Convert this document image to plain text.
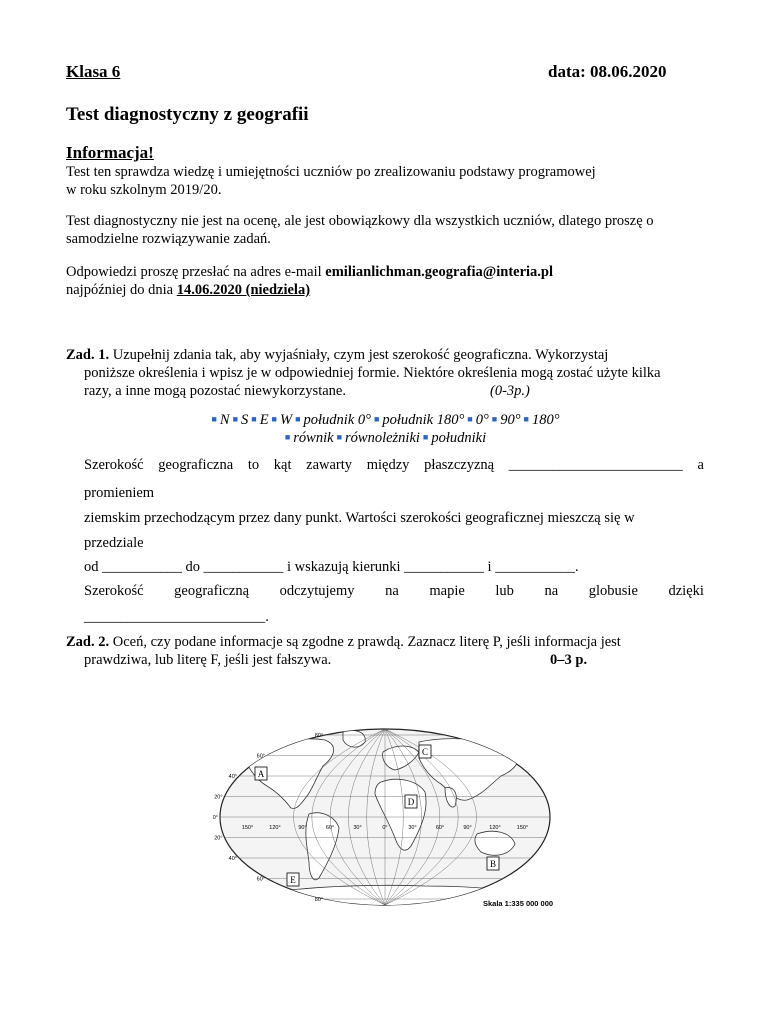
Klasa 6	data: 08.06.2020
Test diagnostyczny z geografii
Informacja!
Test ten sprawdza wiedzę i umiejętności uczniów po zrealizowaniu podstawy programowej
w roku szkolnym 2019/20.
Test diagnostyczny nie jest na ocenę, ale jest obowiązkowy dla wszystkich uczniów, dlatego proszę o
samodzielne rozwiązywanie zadań.
Odpowiedzi proszę przesłać na adres e-mail emilianlichman.geografia@interia.pl
najpóźniej do dnia 14.06.2020 (niedziela)
Zad. 1. Uzupełnij zdania tak, aby wyjaśniały, czym jest szerokość geograficzna. Wykorzystaj
poniższe określenia i wpisz je w odpowiedniej formie. Niektóre określenia mogą zostać użyte kilka
razy, a inne mogą pozostać niewykorzystane.	(0-3p.)
■ N ■ S ■ E ■ W ■ południk 0° ■ południk 180° ■ 0° ■ 90° ■ 180°
■ równik ■ równoleżniki ■ południki
Szerokość geograficzna to kąt zawarty między płaszczyzną ________________________ a
promieniem
ziemskim przechodzącym przez dany punkt. Wartości szerokości geograficznej mieszczą się w
przedziale
od ___________ do ___________ i wskazują kierunki ___________ i ___________.
Szerokość geograficzną odczytujemy na mapie lub na globusie dzięki
_________________________.
Zad. 2. Oceń, czy podane informacje są zgodne z prawdą. Zaznacz literę P, jeśli informacja jest
prawdziwa, lub literę F, jeśli jest fałszywa.	0–3 p.
80°
60°
40°
20°
0°
20°
40°
60°
80°
150°	120°	90°	60°	30°	0°	30°	60°	90°	120°	150°
A
B
C
D
E
Skala 1:335 000 000
